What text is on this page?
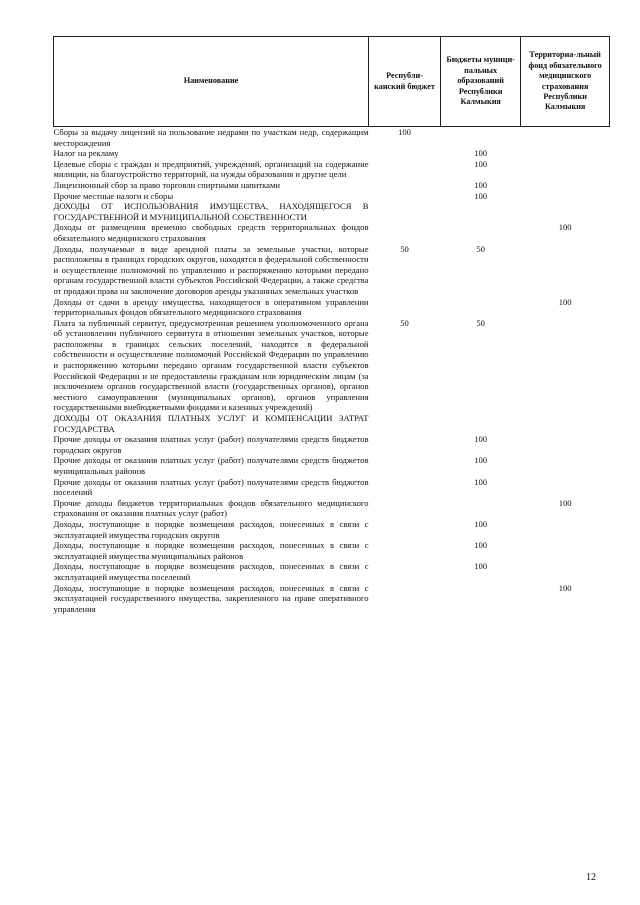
Наименование	Республи-канский бюджет	Бюджеты муници-пальных образований Республики Калмыкия	Территориа-льный фонд обязательного медицинского страхования Республики Калмыкия
Сборы за выдачу лицензий на пользование недрами по участкам недр, содержащим месторождения	100		
Налог на рекламу		100	
Целевые сборы с граждан и предприятий, учреждений, организаций на содержание милиции, на благоустройство территорий, на нужды образования и другие цели		100	
Лицензионный сбор за право торговли спиртными напитками		100	
Прочие местные налоги и сборы		100	
ДОХОДЫ ОТ ИСПОЛЬЗОВАНИЯ ИМУЩЕСТВА, НАХОДЯЩЕГОСЯ В ГОСУДАРСТВЕННОЙ И МУНИЦИПАЛЬНОЙ СОБСТВЕННОСТИ			
Доходы от размещения временно свободных средств территориальных фондов обязательного медицинского страхования			100
Доходы, получаемые в виде арендной платы за земельные участки, которые расположены в границах городских округов, находятся в федеральной собственности и осуществление полномочий по управлению и распоряжению которыми передано органам государственной власти субъектов Российской Федерации, а также средства от продажи права на заключение договоров аренды указанных земельных участков	50	50	
Доходы от сдачи в аренду имущества, находящегося в оперативном управлении территориальных фондов обязательного медицинского страхования			100
Плата за публичный сервитут, предусмотренная решением уполномоченного органа об установлении публичного сервитута в отношении земельных участков, которые расположены в границах сельских поселений, находятся в федеральной собственности и осуществление полномочий Российской Федерации по управлению и распоряжению которыми передано органам государственной власти субъектов Российской Федерации и не предоставлены гражданам или юридическим лицам (за исключением органов государственной власти (государственных органов), органов местного самоуправления (муниципальных органов), органов управления государственными внебюджетными фондами и казенных учреждений)	50	50	
ДОХОДЫ ОТ ОКАЗАНИЯ ПЛАТНЫХ УСЛУГ И КОМПЕНСАЦИИ ЗАТРАТ ГОСУДАРСТВА			
Прочие доходы от оказания платных услуг (работ) получателями средств бюджетов городских округов		100	
Прочие доходы от оказания платных услуг (работ) получателями средств бюджетов муниципальных районов		100	
Прочие доходы от оказания платных услуг (работ) получателями средств бюджетов поселений		100	
Прочие доходы бюджетов территориальных фондов обязательного медицинского страхования от оказания платных услуг (работ)			100
Доходы, поступающие в порядке возмещения расходов, понесенных в связи с эксплуатацией имущества городских округов		100	
Доходы, поступающие в порядке возмещения расходов, понесенных в связи с эксплуатацией имущества муниципальных районов		100	
Доходы, поступающие в порядке возмещения расходов, понесенных в связи с эксплуатацией имущества поселений		100	
Доходы, поступающие в порядке возмещения расходов, понесенных в связи с эксплуатацией государственного имущества, закрепленного на праве оперативного управления			100
12
